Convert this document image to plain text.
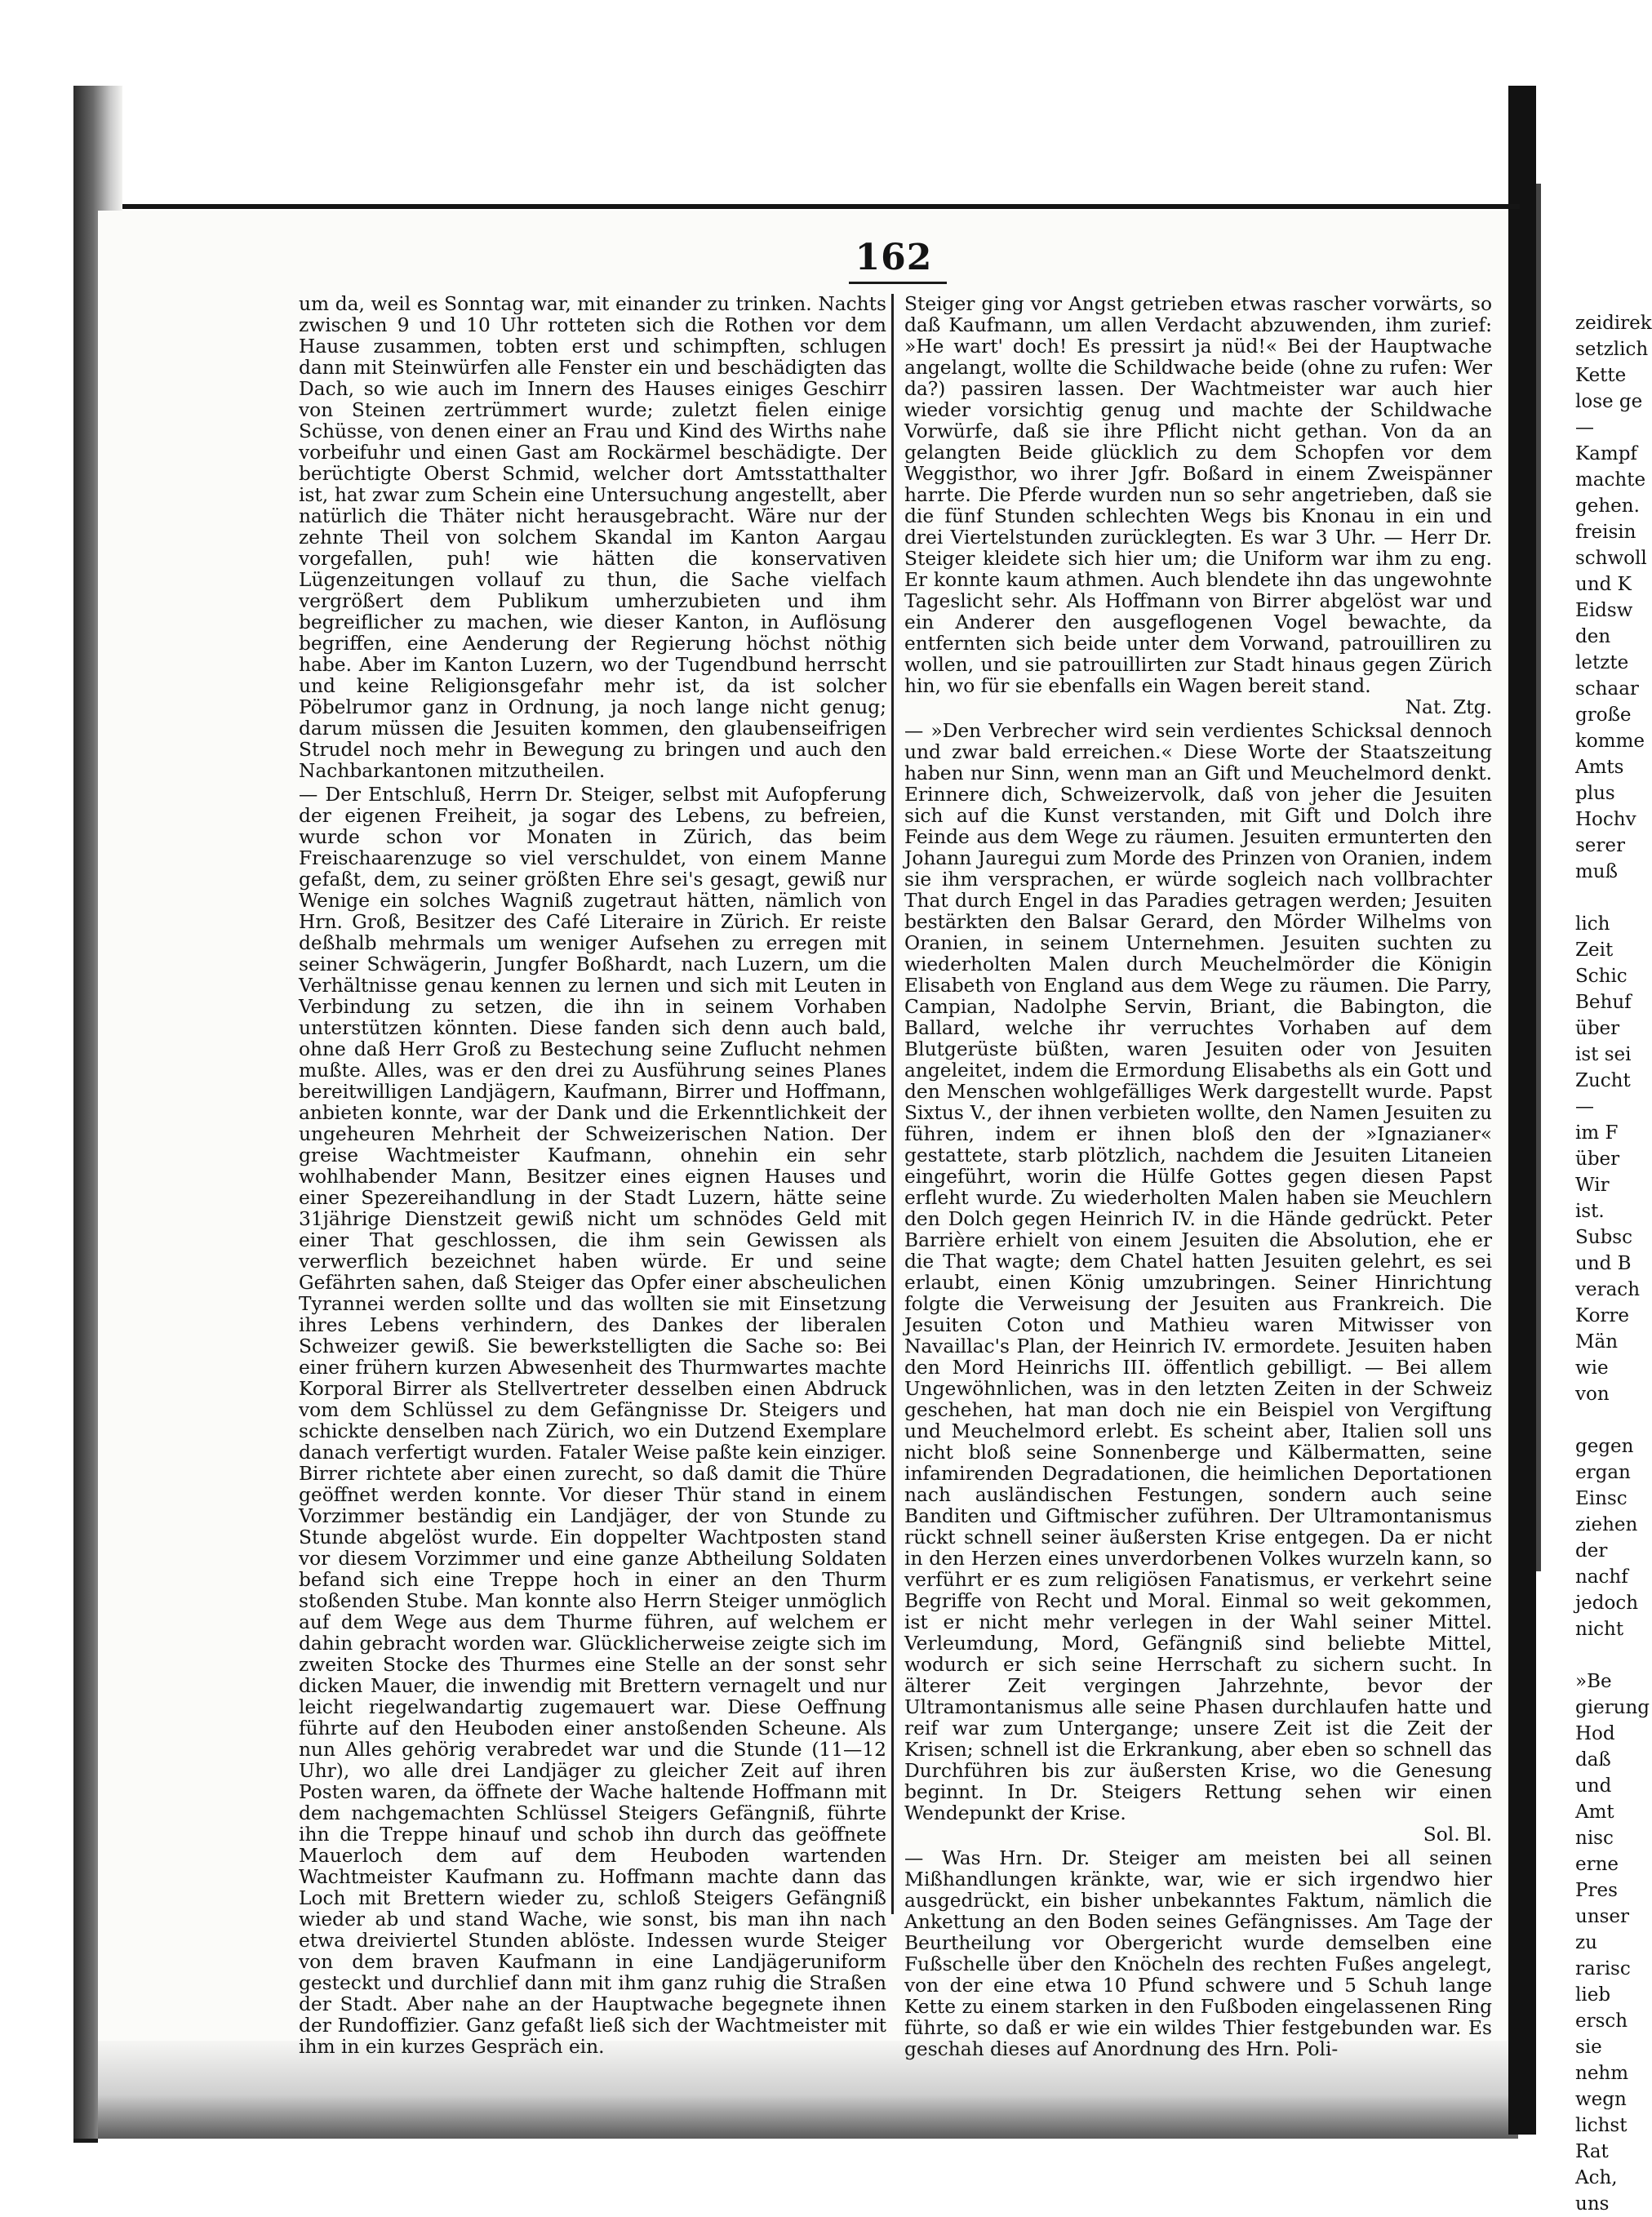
162

um da, weil es Sonntag war, mit einander zu trinken. Nachts zwischen 9 und 10 Uhr rotteten sich die Rothen vor dem Hause zusammen, tobten erst und schimpften, schlugen dann mit Steinwürfen alle Fenster ein und beschädigten das Dach, so wie auch im Innern des Hauses einiges Geschirr von Steinen zertrümmert wurde; zuletzt fielen einige Schüsse, von denen einer an Frau und Kind des Wirths nahe vorbeifuhr und einen Gast am Rockärmel beschädigte. Der berüchtigte Oberst Schmid, welcher dort Amtsstatthalter ist, hat zwar zum Schein eine Untersuchung angestellt, aber natürlich die Thäter nicht herausgebracht. Wäre nur der zehnte Theil von solchem Skandal im Kanton Aargau vorgefallen, puh! wie hätten die konservativen Lügenzeitungen vollauf zu thun, die Sache vielfach vergrößert dem Publikum umherzubieten und ihm begreiflicher zu machen, wie dieser Kanton, in Auflösung begriffen, eine Aenderung der Regierung höchst nöthig habe. Aber im Kanton Luzern, wo der Tugendbund herrscht und keine Religionsgefahr mehr ist, da ist solcher Pöbelrumor ganz in Ordnung, ja noch lange nicht genug; darum müssen die Jesuiten kommen, den glaubenseifrigen Strudel noch mehr in Bewegung zu bringen und auch den Nachbarkantonen mitzutheilen.

— Der Entschluß, Herrn Dr. Steiger, selbst mit Aufopferung der eigenen Freiheit, ja sogar des Lebens, zu befreien, wurde schon vor Monaten in Zürich, das beim Freischaarenzuge so viel verschuldet, von einem Manne gefaßt, dem, zu seiner größten Ehre sei's gesagt, gewiß nur Wenige ein solches Wagniß zugetraut hätten, nämlich von Hrn. Groß, Besitzer des Café Literaire in Zürich. Er reiste deßhalb mehrmals um weniger Aufsehen zu erregen mit seiner Schwägerin, Jungfer Boßhardt, nach Luzern, um die Verhältnisse genau kennen zu lernen und sich mit Leuten in Verbindung zu setzen, die ihn in seinem Vorhaben unterstützen könnten. Diese fanden sich denn auch bald, ohne daß Herr Groß zu Bestechung seine Zuflucht nehmen mußte. Alles, was er den drei zu Ausführung seines Planes bereitwilligen Landjägern, Kaufmann, Birrer und Hoffmann, anbieten konnte, war der Dank und die Erkenntlichkeit der ungeheuren Mehrheit der Schweizerischen Nation. Der greise Wachtmeister Kaufmann, ohnehin ein sehr wohlhabender Mann, Besitzer eines eignen Hauses und einer Spezereihandlung in der Stadt Luzern, hätte seine 31jährige Dienstzeit gewiß nicht um schnödes Geld mit einer That geschlossen, die ihm sein Gewissen als verwerflich bezeichnet haben würde. Er und seine Gefährten sahen, daß Steiger das Opfer einer abscheulichen Tyrannei werden sollte und das wollten sie mit Einsetzung ihres Lebens verhindern, des Dankes der liberalen Schweizer gewiß. Sie bewerkstelligten die Sache so: Bei einer frühern kurzen Abwesenheit des Thurmwartes machte Korporal Birrer als Stellvertreter desselben einen Abdruck vom dem Schlüssel zu dem Gefängnisse Dr. Steigers und schickte denselben nach Zürich, wo ein Dutzend Exemplare danach verfertigt wurden. Fataler Weise paßte kein einziger. Birrer richtete aber einen zurecht, so daß damit die Thüre geöffnet werden konnte. Vor dieser Thür stand in einem Vorzimmer beständig ein Landjäger, der von Stunde zu Stunde abgelöst wurde. Ein doppelter Wachtposten stand vor diesem Vorzimmer und eine ganze Abtheilung Soldaten befand sich eine Treppe hoch in einer an den Thurm stoßenden Stube. Man konnte also Herrn Steiger unmöglich auf dem Wege aus dem Thurme führen, auf welchem er dahin gebracht worden war. Glücklicherweise zeigte sich im zweiten Stocke des Thurmes eine Stelle an der sonst sehr dicken Mauer, die inwendig mit Brettern vernagelt und nur leicht riegelwandartig zugemauert war. Diese Oeffnung führte auf den Heuboden einer anstoßenden Scheune. Als nun Alles gehörig verabredet war und die Stunde (11—12 Uhr), wo alle drei Landjäger zu gleicher Zeit auf ihren Posten waren, da öffnete der Wache haltende Hoffmann mit dem nachgemachten Schlüssel Steigers Gefängniß, führte ihn die Treppe hinauf und schob ihn durch das geöffnete Mauerloch dem auf dem Heuboden wartenden Wachtmeister Kaufmann zu. Hoffmann machte dann das Loch mit Brettern wieder zu, schloß Steigers Gefängniß wieder ab und stand Wache, wie sonst, bis man ihn nach etwa dreiviertel Stunden ablöste. Indessen wurde Steiger von dem braven Kaufmann in eine Landjägeruniform gesteckt und durchlief dann mit ihm ganz ruhig die Straßen der Stadt. Aber nahe an der Hauptwache begegnete ihnen der Rundoffizier. Ganz gefaßt ließ sich der Wachtmeister mit ihm in ein kurzes Gespräch ein.

Steiger ging vor Angst getrieben etwas rascher vorwärts, so daß Kaufmann, um allen Verdacht abzuwenden, ihm zurief: »He wart' doch! Es pressirt ja nüd!« Bei der Hauptwache angelangt, wollte die Schildwache beide (ohne zu rufen: Wer da?) passiren lassen. Der Wachtmeister war auch hier wieder vorsichtig genug und machte der Schildwache Vorwürfe, daß sie ihre Pflicht nicht gethan. Von da an gelangten Beide glücklich zu dem Schopfen vor dem Weggisthor, wo ihrer Jgfr. Boßard in einem Zweispänner harrte. Die Pferde wurden nun so sehr angetrieben, daß sie die fünf Stunden schlechten Wegs bis Knonau in ein und drei Viertelstunden zurücklegten. Es war 3 Uhr. — Herr Dr. Steiger kleidete sich hier um; die Uniform war ihm zu eng. Er konnte kaum athmen. Auch blendete ihn das ungewohnte Tageslicht sehr. Als Hoffmann von Birrer abgelöst war und ein Anderer den ausgeflogenen Vogel bewachte, da entfernten sich beide unter dem Vorwand, patrouilliren zu wollen, und sie patrouillirten zur Stadt hinaus gegen Zürich hin, wo für sie ebenfalls ein Wagen bereit stand.
Nat. Ztg.

— »Den Verbrecher wird sein verdientes Schicksal dennoch und zwar bald erreichen.« Diese Worte der Staatszeitung haben nur Sinn, wenn man an Gift und Meuchelmord denkt. Erinnere dich, Schweizervolk, daß von jeher die Jesuiten sich auf die Kunst verstanden, mit Gift und Dolch ihre Feinde aus dem Wege zu räumen. Jesuiten ermunterten den Johann Jauregui zum Morde des Prinzen von Oranien, indem sie ihm versprachen, er würde sogleich nach vollbrachter That durch Engel in das Paradies getragen werden; Jesuiten bestärkten den Balsar Gerard, den Mörder Wilhelms von Oranien, in seinem Unternehmen. Jesuiten suchten zu wiederholten Malen durch Meuchelmörder die Königin Elisabeth von England aus dem Wege zu räumen. Die Parry, Campian, Nadolphe Servin, Briant, die Babington, die Ballard, welche ihr verruchtes Vorhaben auf dem Blutgerüste büßten, waren Jesuiten oder von Jesuiten angeleitet, indem die Ermordung Elisabeths als ein Gott und den Menschen wohlgefälliges Werk dargestellt wurde. Papst Sixtus V., der ihnen verbieten wollte, den Namen Jesuiten zu führen, indem er ihnen bloß den der »Ignazianer« gestattete, starb plötzlich, nachdem die Jesuiten Litaneien eingeführt, worin die Hülfe Gottes gegen diesen Papst erfleht wurde. Zu wiederholten Malen haben sie Meuchlern den Dolch gegen Heinrich IV. in die Hände gedrückt. Peter Barrière erhielt von einem Jesuiten die Absolution, ehe er die That wagte; dem Chatel hatten Jesuiten gelehrt, es sei erlaubt, einen König umzubringen. Seiner Hinrichtung folgte die Verweisung der Jesuiten aus Frankreich. Die Jesuiten Coton und Mathieu waren Mitwisser von Navaillac's Plan, der Heinrich IV. ermordete. Jesuiten haben den Mord Heinrichs III. öffentlich gebilligt. — Bei allem Ungewöhnlichen, was in den letzten Zeiten in der Schweiz geschehen, hat man doch nie ein Beispiel von Vergiftung und Meuchelmord erlebt. Es scheint aber, Italien soll uns nicht bloß seine Sonnenberge und Kälbermatten, seine infamirenden Degradationen, die heimlichen Deportationen nach ausländischen Festungen, sondern auch seine Banditen und Giftmischer zuführen. Der Ultramontanismus rückt schnell seiner äußersten Krise entgegen. Da er nicht in den Herzen eines unverdorbenen Volkes wurzeln kann, so verführt er es zum religiösen Fanatismus, er verkehrt seine Begriffe von Recht und Moral. Einmal so weit gekommen, ist er nicht mehr verlegen in der Wahl seiner Mittel. Verleumdung, Mord, Gefängniß sind beliebte Mittel, wodurch er sich seine Herrschaft zu sichern sucht. In älterer Zeit vergingen Jahrzehnte, bevor der Ultramontanismus alle seine Phasen durchlaufen hatte und reif war zum Untergange; unsere Zeit ist die Zeit der Krisen; schnell ist die Erkrankung, aber eben so schnell das Durchführen bis zur äußersten Krise, wo die Genesung beginnt. In Dr. Steigers Rettung sehen wir einen Wendepunkt der Krise.
Sol. Bl.

— Was Hrn. Dr. Steiger am meisten bei all seinen Mißhandlungen kränkte, war, wie er sich irgendwo hier ausgedrückt, ein bisher unbekanntes Faktum, nämlich die Ankettung an den Boden seines Gefängnisses. Am Tage der Beurtheilung vor Obergericht wurde demselben eine Fußschelle über den Knöcheln des rechten Fußes angelegt, von der eine etwa 10 Pfund schwere und 5 Schuh lange Kette zu einem starken in den Fußboden eingelassenen Ring führte, so daß er wie ein wildes Thier festgebunden war. Es geschah dieses auf Anordnung des Hrn. Poli-

zeidirek
setzlich
Kette
lose ge
—
Kampf
machte
gehen.
freisin
schwoll
und K
Eidsw
den
letzte
schaar
große
komme
Amts
plus
Hochv
serer
muß
lich
Zeit
Schic
Behuf
über
ist sei
Zucht
—
im F
über
Wir
ist.
Subsc
und B
verach
Korre
Män
wie
von
gegen
ergan
Einsc
ziehen
der
nachf
jedoch
nicht
»Be
gierung
Hod
daß
und
Amt
nisc
erne
Pres
unser
zu
rarisc
lieb
ersch
sie
nehm
wegn
lichst
Rat
Ach,
uns
